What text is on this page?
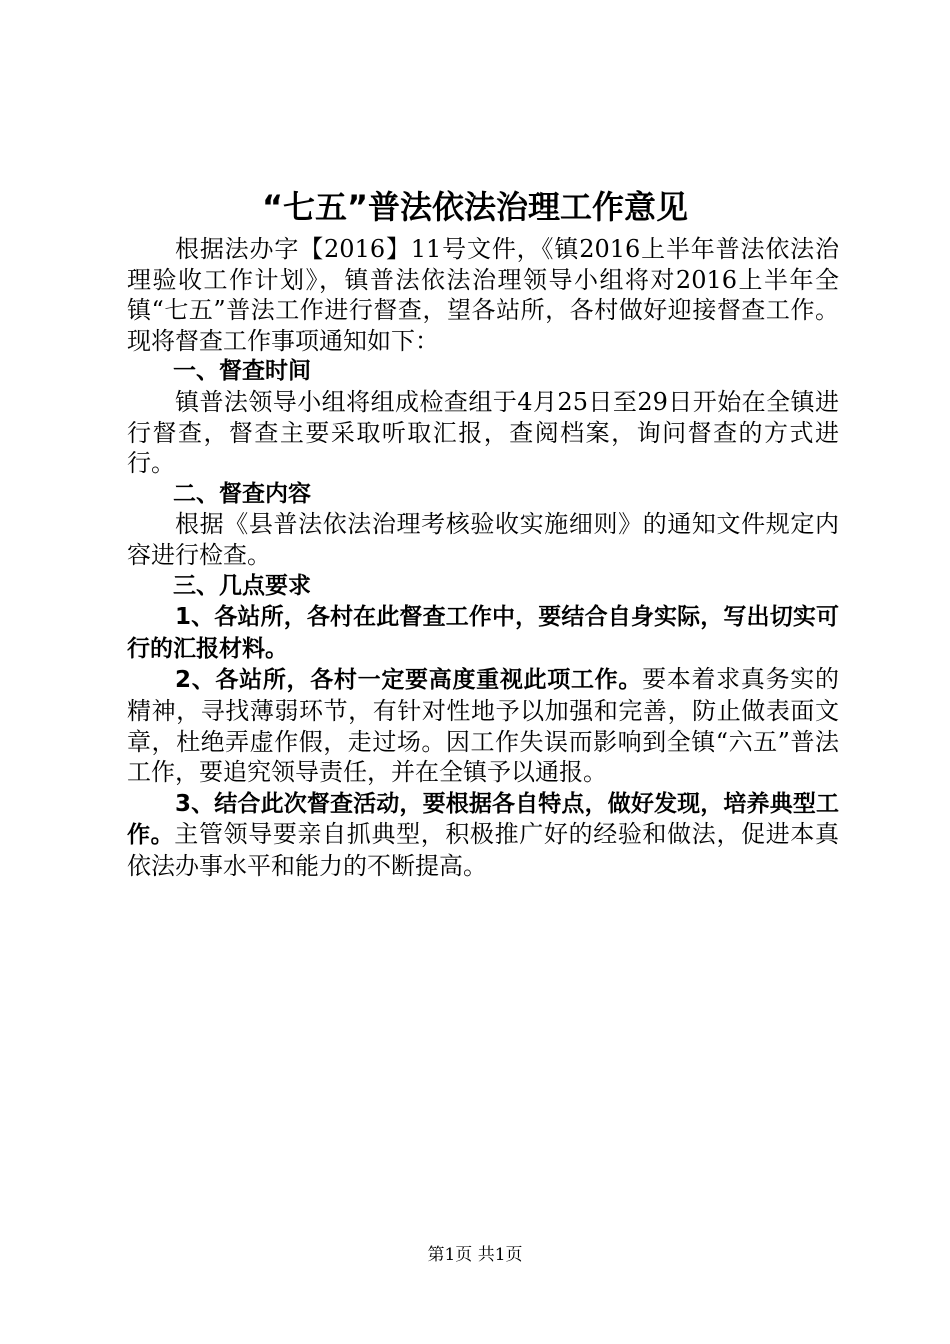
“七五”普法依法治理工作意见

根据法办字【2016】11号文件，《镇2016上半年普法依法治理验收工作计划》，镇普法依法治理领导小组将对2016上半年全镇“七五”普法工作进行督查，望各站所，各村做好迎接督查工作。现将督查工作事项通知如下：

一、督查时间

镇普法领导小组将组成检查组于4月25日至29日开始在全镇进行督查，督查主要采取听取汇报，查阅档案，询问督查的方式进行。

二、督查内容

根据《县普法依法治理考核验收实施细则》的通知文件规定内容进行检查。

三、几点要求

1、各站所，各村在此督查工作中，要结合自身实际，写出切实可行的汇报材料。

2、各站所，各村一定要高度重视此项工作。要本着求真务实的精神，寻找薄弱环节，有针对性地予以加强和完善，防止做表面文章，杜绝弄虚作假，走过场。因工作失误而影响到全镇“六五”普法工作，要追究领导责任，并在全镇予以通报。

3、结合此次督查活动，要根据各自特点，做好发现，培养典型工作。主管领导要亲自抓典型，积极推广好的经验和做法，促进本真依法办事水平和能力的不断提高。

第1页 共1页
